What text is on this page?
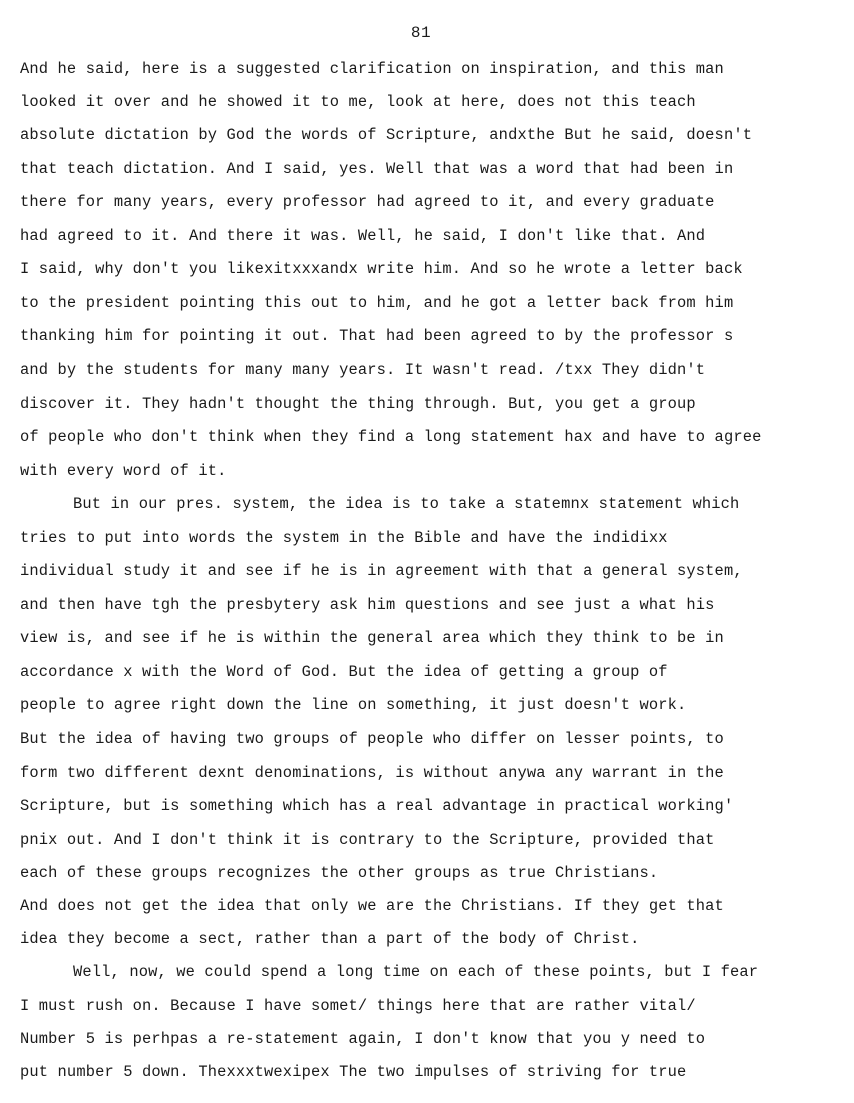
81
And he said, here is a suggested clarification on inspiration, and this man
looked it over and he showed it to me, look at here, does not this teach
absolute dictation by God the words of Scripture, andxthe But he said, doesn't
that teach dictation. And I said, yes. Well that was a word that had been in
there for many years, every professor had agreed to it, and every graduate
had agreed to it. And there it was. Well, he said, I don't like that. And
I said, why don't you likexitxxxandx write him. And so he wrote a letter back
to the president pointing this out to him, and he got a letter back from him
thanking him for pointing it out. That had been agreed to by the professor s
and by the students for many many years. It wasn't read. /txx They didn't
discover it. They hadn't thought the thing through. But, you get a group
of people who don't think when they find a long statement hax and have to agree
with every word of it.
But in our pres. system, the idea is to take a statemnx statement which
tries to put into words the system in the Bible and have the indidixx
individual study it and see if he is in agreement with that a general system,
and then have tgh the presbytery ask him questions and see just a what his
view is, and see if he is within the general area which they think to be in
accordance x with the Word of God. But the idea of getting a group of
people to agree right down the line on something, it just doesn't work.
But the idea of having two groups of people who differ on lesser points, to
form two different dexnt denominations, is without anywa any warrant in the
Scripture, but is something which has a real advantage in practical working'
pnix out. And I don't think it is contrary to the Scripture, provided that
each of these groups recognizes the other groups as true Christians.
And does not get the idea that only we are the Christians. If they get that
idea they become a sect, rather than a part of the body of Christ.
Well, now, we could spend a long time on each of these points, but I fear
I must rush on. Because I have somet/ things here that are rather vital/
Number 5 is perhpas a re-statement again, I don't know that you y need to
put number 5 down. Thexxxtwexipex The two impulses of striving for true
